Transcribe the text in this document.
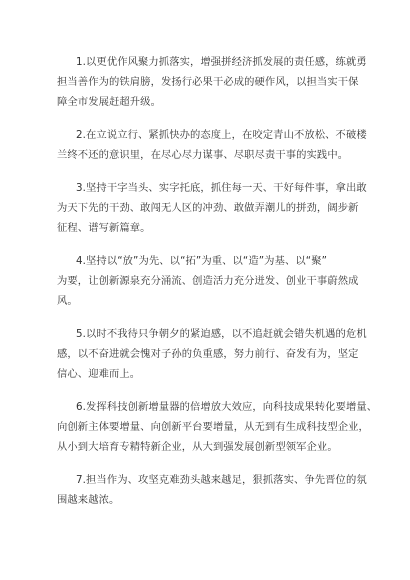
1.以更优作风聚力抓落实，增强拼经济抓发展的责任感，练就勇
担当善作为的铁肩膀，发扬行必果干必成的硬作风，以担当实干保
障全市发展赶超升级。

2.在立说立行、紧抓快办的态度上，在咬定青山不放松、不破楼
兰终不还的意识里，在尽心尽力谋事、尽职尽责干事的实践中。

3.坚持干字当头、实字托底，抓住每一天、干好每件事，拿出敢
为天下先的干劲、敢闯无人区的冲劲、敢做弄潮儿的拼劲，阔步新
征程、谱写新篇章。

4.坚持以“放”为先、以“拓”为重、以“造”为基、以“聚”
为要，让创新源泉充分涌流、创造活力充分迸发、创业干事蔚然成
风。

5.以时不我待只争朝夕的紧迫感，以不追赶就会错失机遇的危机
感，以不奋进就会愧对子孙的负重感，努力前行、奋发有为，坚定
信心、迎难而上。

6.发挥科技创新增量器的倍增放大效应，向科技成果转化要增量、
向创新主体要增量、向创新平台要增量，从无到有生成科技型企业，
从小到大培育专精特新企业，从大到强发展创新型领军企业。

7.担当作为、攻坚克难劲头越来越足，狠抓落实、争先晋位的氛
围越来越浓。
